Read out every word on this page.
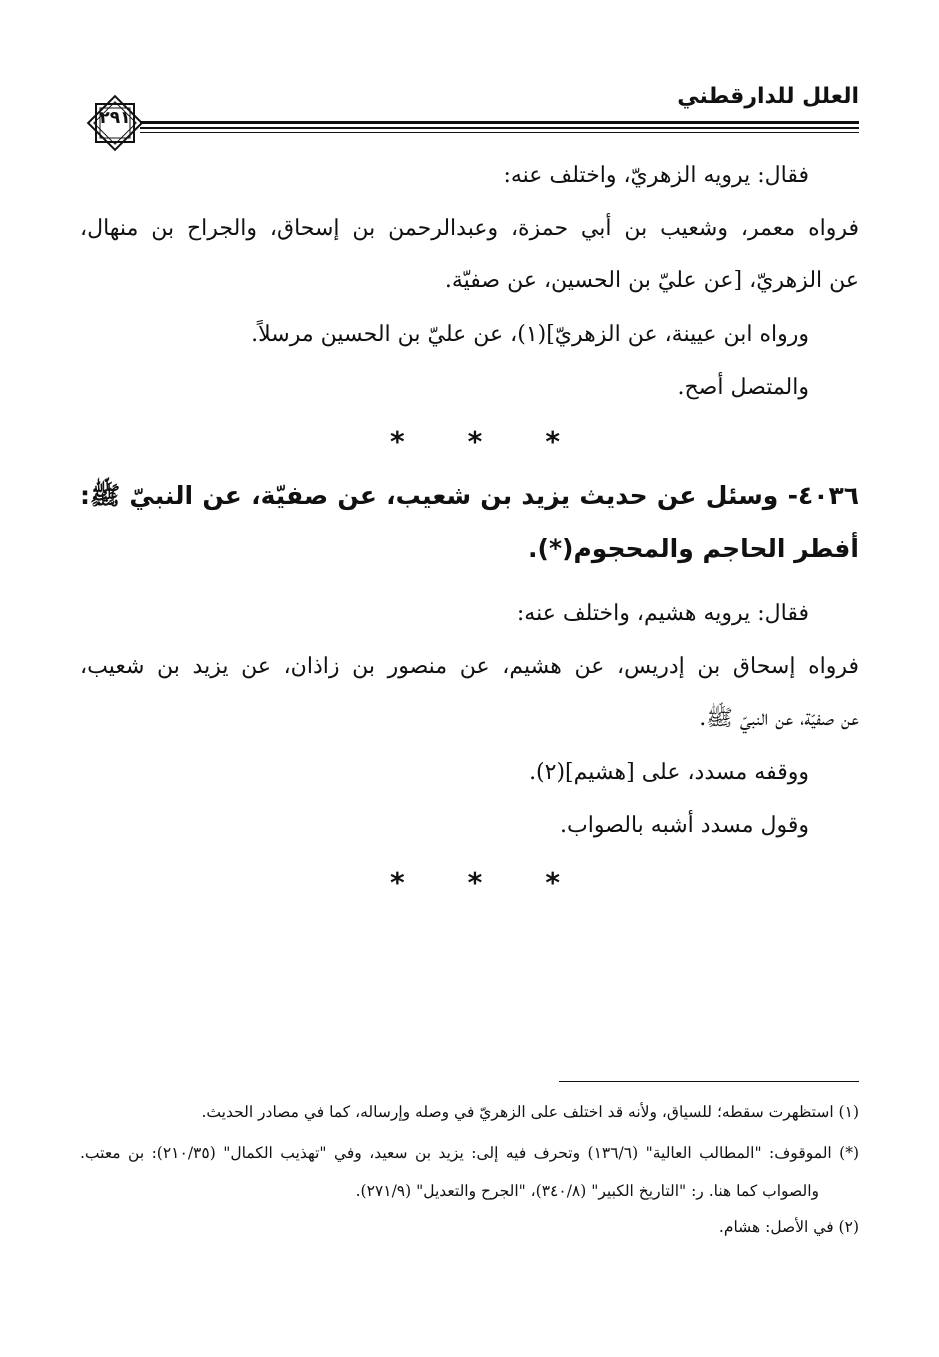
العلل للدارقطني
٢٩١
فقال: يرويه الزهريّ، واختلف عنه:
فرواه معمر، وشعيب بن أبي حمزة، وعبدالرحمن بن إسحاق، والجراح بن منهال،
عن الزهريّ، [عن عليّ بن الحسين، عن صفيّة.
ورواه ابن عيينة، عن الزهريّ](١)، عن عليّ بن الحسين مرسلاً.
والمتصل أصح.
* * *
٤٠٣٦- وسئل عن حديث يزيد بن شعيب، عن صفيّة، عن النبيّ ﷺ:
أفطر الحاجم والمحجوم(*).
فقال: يرويه هشيم، واختلف عنه:
فرواه إسحاق بن إدريس، عن هشيم، عن منصور بن زاذان، عن يزيد بن شعيب،
عن صفيّة، عن النبيّ ﷺ.
ووقفه مسدد، على [هشيم](٢).
وقول مسدد أشبه بالصواب.
* * *
(١) استظهرت سقطه؛ للسياق، ولأنه قد اختلف على الزهريّ في وصله وإرساله، كما في مصادر الحديث.
(*) الموقوف: "المطالب العالية" (١٣٦/٦) وتحرف فيه إلى: يزيد بن سعيد، وفي "تهذيب الكمال" (٢١٠/٣٥): بن معتب.
والصواب كما هنا. ر: "التاريخ الكبير" (٣٤٠/٨)، "الجرح والتعديل" (٢٧١/٩).
(٢) في الأصل: هشام.
